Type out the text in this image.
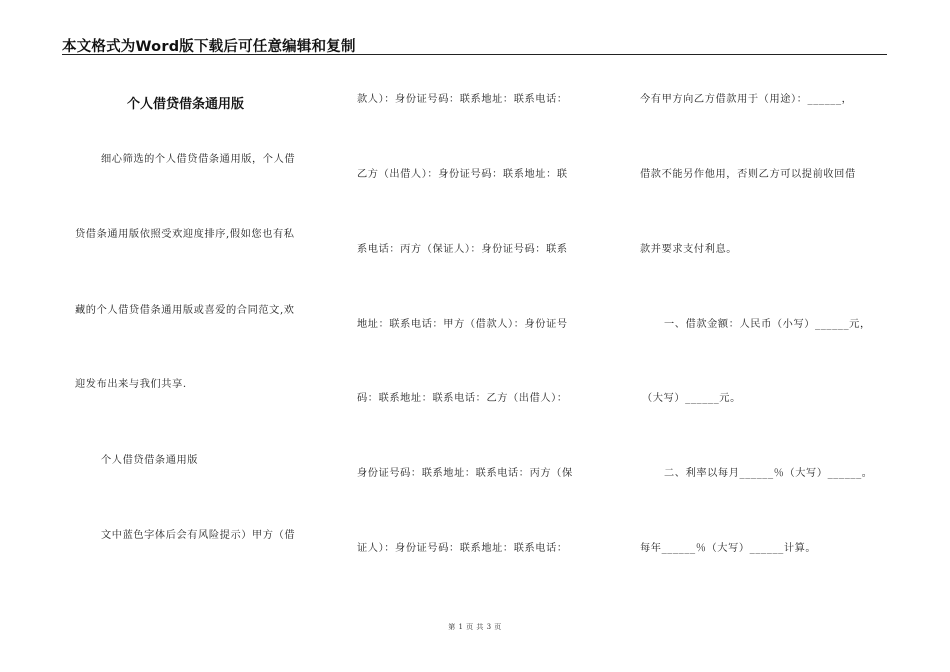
本文格式为Word版下载后可任意编辑和复制
个人借贷借条通用版
细心筛选的个人借贷借条通用版，个人借
贷借条通用版依照受欢迎度排序,假如您也有私
藏的个人借贷借条通用版或喜爱的合同范文,欢
迎发布出来与我们共享.
个人借贷借条通用版
文中蓝色字体后会有风险提示）甲方（借
款人）：身份证号码：联系地址：联系电话：
乙方（出借人）：身份证号码：联系地址：联
系电话：丙方（保证人）：身份证号码：联系
地址：联系电话：甲方（借款人）：身份证号
码：联系地址：联系电话：乙方（出借人）：
身份证号码：联系地址：联系电话：丙方（保
证人）：身份证号码：联系地址：联系电话：
今有甲方向乙方借款用于（用途）：______，
借款不能另作他用，否则乙方可以提前收回借
款并要求支付利息。
一、借款金额：人民币（小写）______元，
（大写）______元。
二、利率以每月______％（大写）______。
每年______％（大写）______计算。
第 1 页 共 3 页
